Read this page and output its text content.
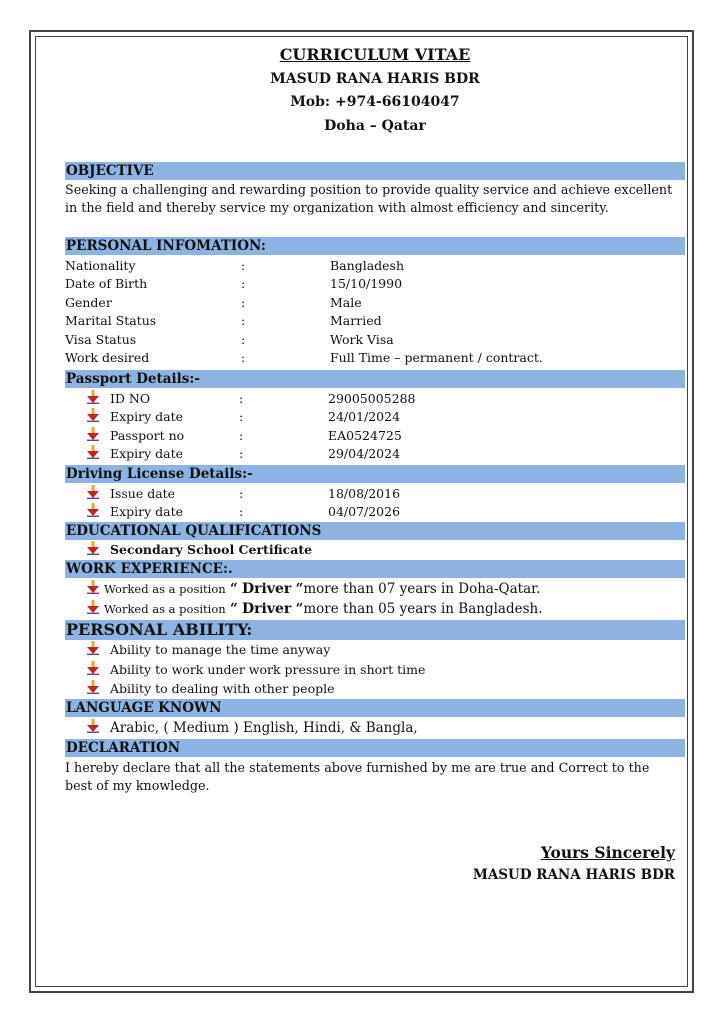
CURRICULUM VITAE
MASUD RANA HARIS BDR
Mob: +974-66104047
Doha – Qatar
OBJECTIVE
Seeking a challenging and rewarding position to provide quality service and achieve excellent in the field and thereby service my organization with almost efficiency and sincerity.
PERSONAL INFOMATION:
Nationality	:	Bangladesh
Date of Birth	:	15/10/1990
Gender	:	Male
Marital Status	:	Married
Visa Status	:	Work Visa
Work desired	:	Full Time – permanent / contract.
Passport Details:-
ID NO	:	29005005288
Expiry date	:	24/01/2024
Passport no	:	EA0524725
Expiry date	:	29/04/2024
Driving License Details:-
Issue date	:	18/08/2016
Expiry date	:	04/07/2026
EDUCATIONAL QUALIFICATIONS
Secondary School Certificate
WORK EXPERIENCE:.
Worked as a position “ Driver “more than 07 years in Doha-Qatar.
Worked as a position “ Driver “more than 05 years in Bangladesh.
PERSONAL ABILITY:
Ability to manage the time anyway
Ability to work under work pressure in short time
Ability to dealing with other people
LANGUAGE KNOWN
Arabic, ( Medium ) English, Hindi, & Bangla,
DECLARATION
I hereby declare that all the statements above furnished by me are true and Correct to the best of my knowledge.
Yours Sincerely
MASUD RANA HARIS BDR
